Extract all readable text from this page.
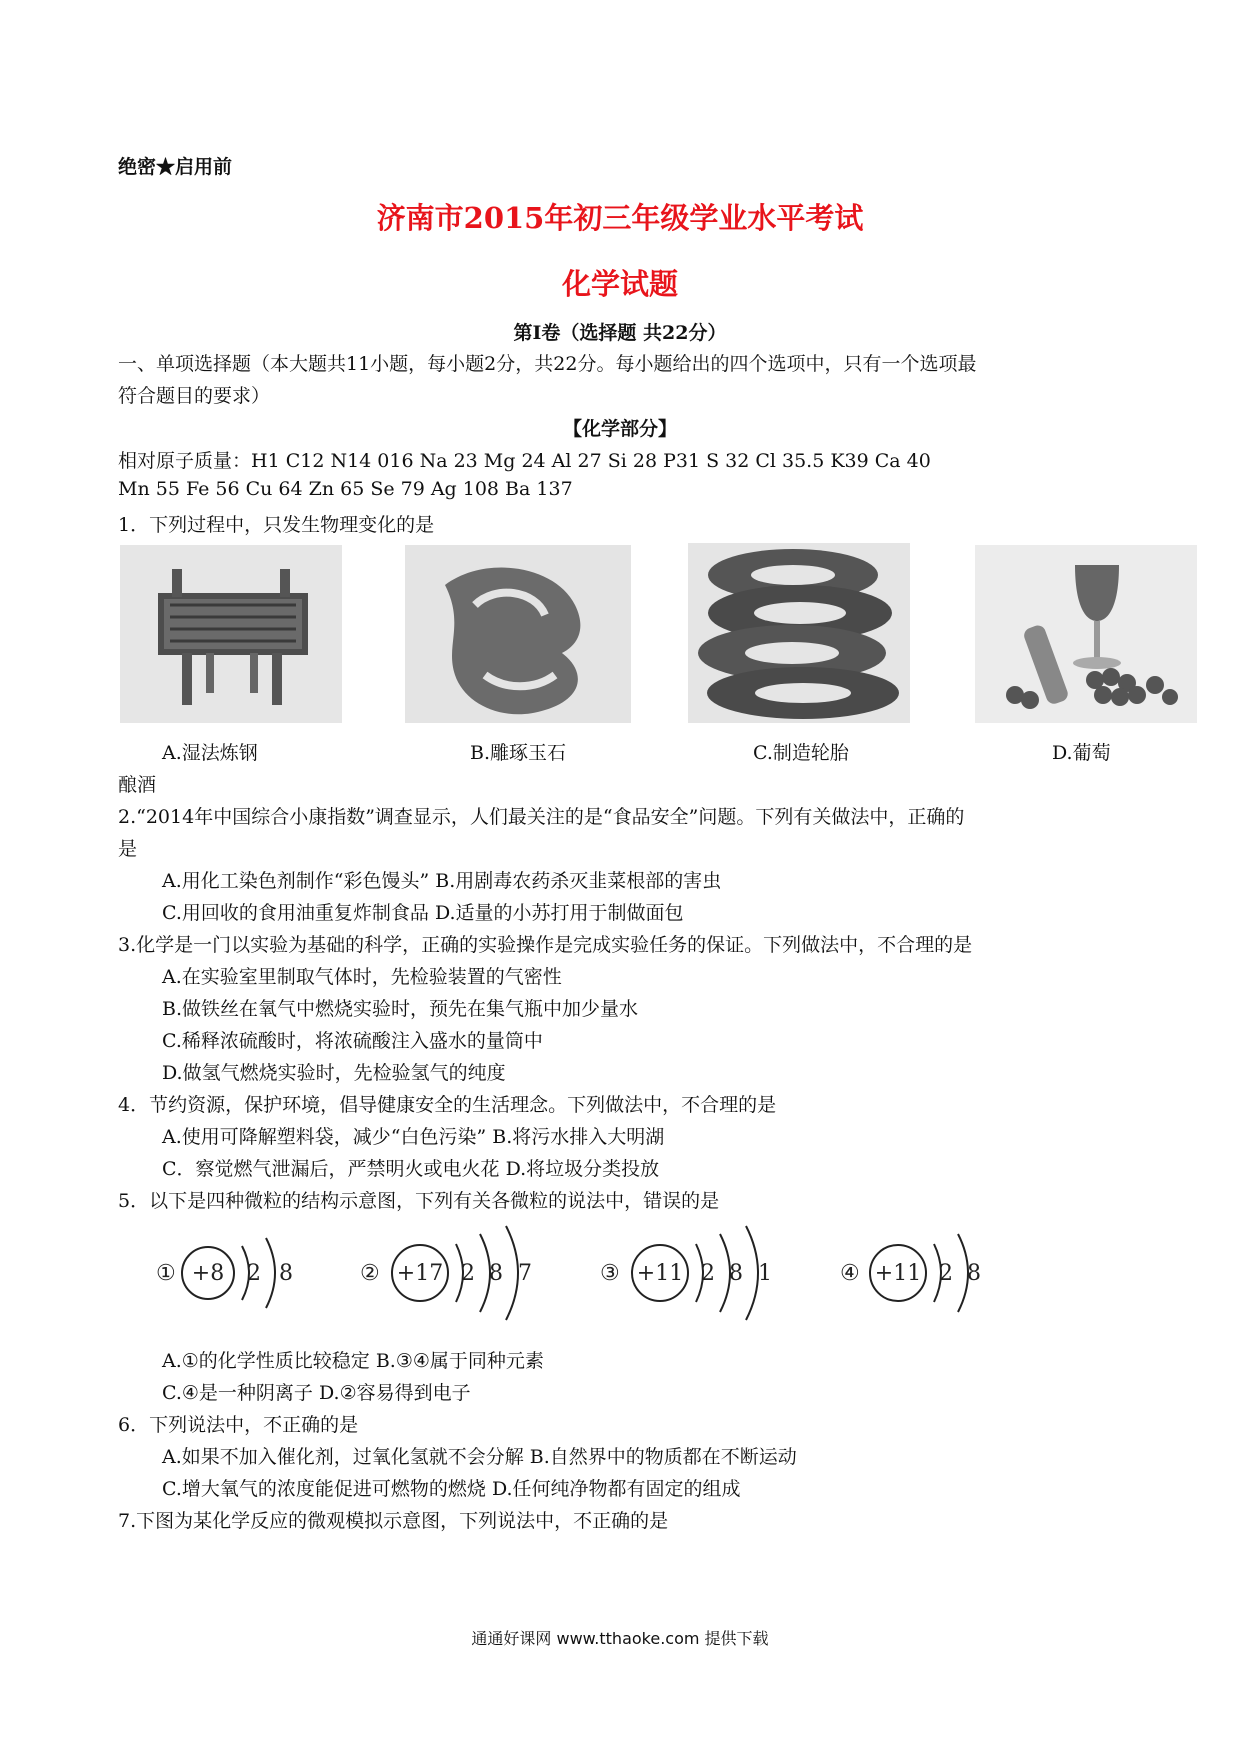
绝密★启用前
济南市2015年初三年级学业水平考试
化学试题
第Ⅰ卷（选择题 共22分）
一、单项选择题（本大题共11小题，每小题2分，共22分。每小题给出的四个选项中，只有一个选项最
符合题目的要求）
【化学部分】
相对原子质量：H1 C12 N14 016 Na 23 Mg 24 Al 27 Si 28 P31 S 32 Cl 35.5 K39 Ca 40
Mn 55 Fe 56 Cu 64 Zn 65 Se 79 Ag 108 Ba 137
1．下列过程中，只发生物理变化的是
A.湿法炼钢	B.雕琢玉石	C.制造轮胎	D.葡萄
酿酒
2.“2014年中国综合小康指数”调查显示，人们最关注的是“食品安全”问题。下列有关做法中，正确的
是
A.用化工染色剂制作“彩色馒头” B.用剧毒农药杀灭韭菜根部的害虫
C.用回收的食用油重复炸制食品 D.适量的小苏打用于制做面包
3.化学是一门以实验为基础的科学，正确的实验操作是完成实验任务的保证。下列做法中，不合理的是
A.在实验室里制取气体时，先检验装置的气密性
B.做铁丝在氧气中燃烧实验时，预先在集气瓶中加少量水
C.稀释浓硫酸时，将浓硫酸注入盛水的量筒中
D.做氢气燃烧实验时，先检验氢气的纯度
4．节约资源，保护环境，倡导健康安全的生活理念。下列做法中，不合理的是
A.使用可降解塑料袋，减少“白色污染” B.将污水排入大明湖
C．察觉燃气泄漏后，严禁明火或电火花 D.将垃圾分类投放
5．以下是四种微粒的结构示意图，下列有关各微粒的说法中，错误的是
① +8 2 8	② +17 2 8 7	③ +11 2 8 1	④ +11 2 8
A.①的化学性质比较稳定 B.③④属于同种元素
C.④是一种阴离子 D.②容易得到电子
6．下列说法中，不正确的是
A.如果不加入催化剂，过氧化氢就不会分解 B.自然界中的物质都在不断运动
C.增大氧气的浓度能促进可燃物的燃烧 D.任何纯净物都有固定的组成
7.下图为某化学反应的微观模拟示意图，下列说法中，不正确的是
通通好课网 www.tthaoke.com 提供下载
